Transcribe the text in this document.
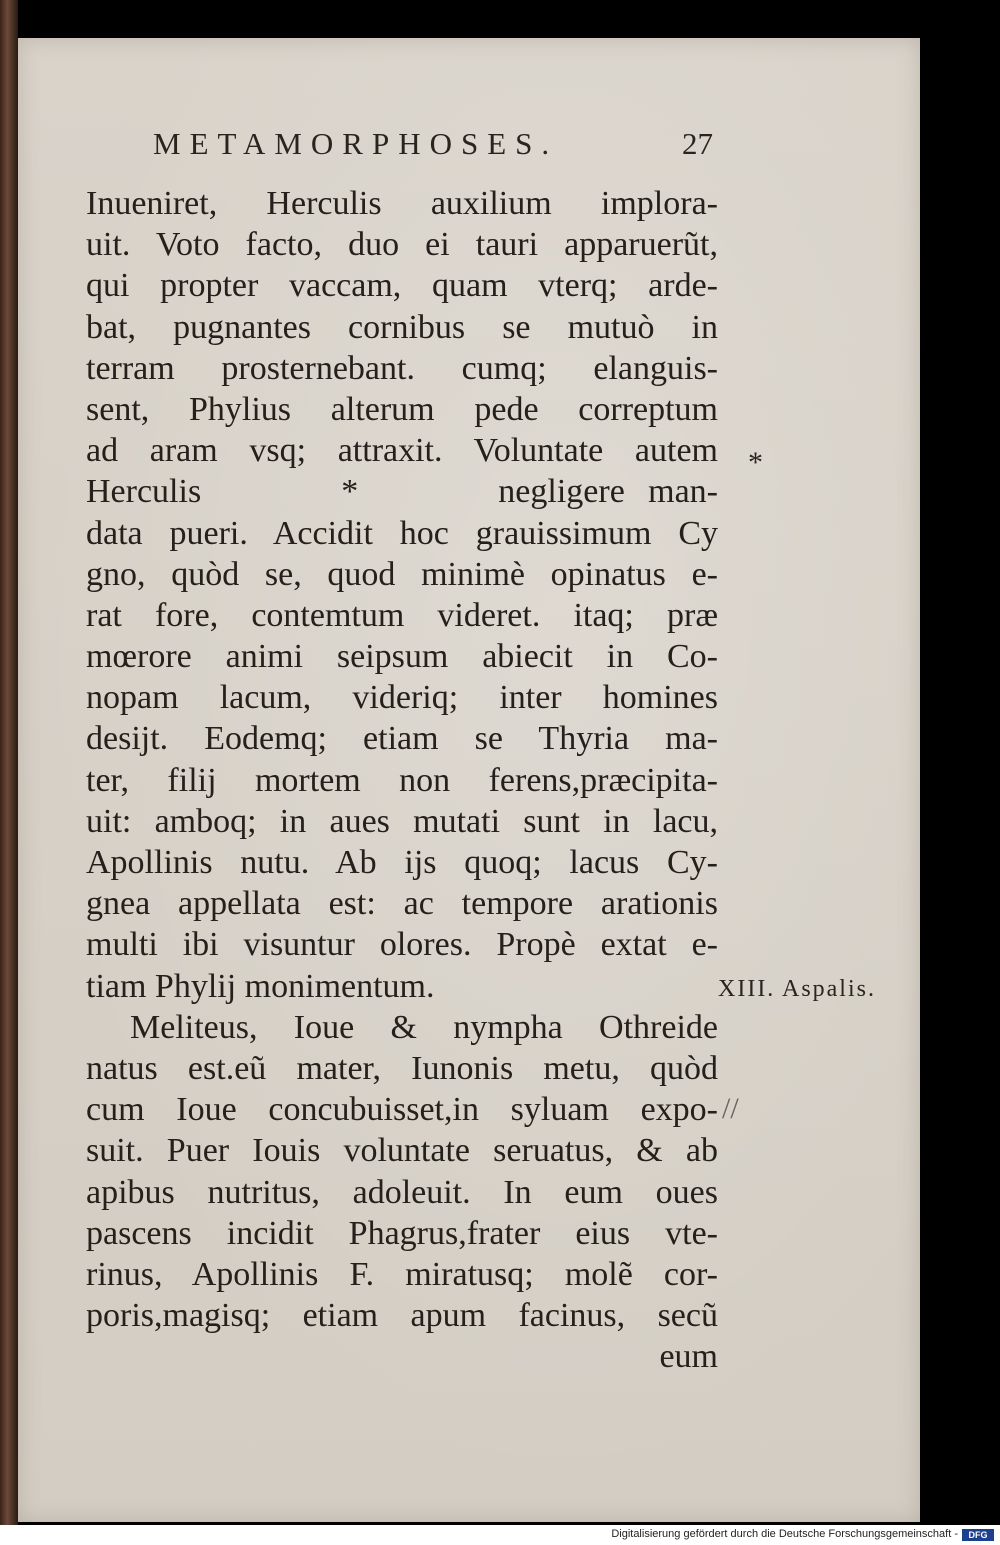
METAMORPHOSES.	27
Inueniret, Herculis auxilium implora-
uit. Voto facto, duo ei tauri apparuerũt,
qui propter vaccam, quam vterq; arde-
bat, pugnantes cornibus se mutuò in
terram prosternebant. cumq; elanguis-
sent, Phylius alterum pede correptum
ad aram vsq; attraxit. Voluntate autem
Herculis      *      negligere man-
data pueri. Accidit hoc grauissimum Cy
gno, quòd se, quod minimè opinatus e-
rat fore, contemtum videret. itaq; præ
mœrore animi seipsum abiecit in Co-
nopam lacum, videriq; inter homines
desijt. Eodemq; etiam se Thyria ma-
ter, filij mortem non ferens,præcipita-
uit: amboq; in aues mutati sunt in lacu,
Apollinis nutu. Ab ijs quoq; lacus Cy-
gnea appellata est: ac tempore arationis
multi ibi visuntur olores. Propè extat e-
tiam Phylij monimentum.
Meliteus, Ioue & nympha Othreide
natus est.eũ mater, Iunonis metu, quòd
cum Ioue concubuisset,in syluam expo-
suit. Puer Iouis voluntate seruatus, & ab
apibus nutritus, adoleuit. In eum oues
pascens incidit Phagrus,frater eius vte-
rinus, Apollinis F. miratusq; molẽ cor-
poris,magisq; etiam apum facinus, secũ
eum
*
XIII. Aspalis.
//
Digitalisierung gefördert durch die Deutsche Forschungsgemeinschaft -	DFG
